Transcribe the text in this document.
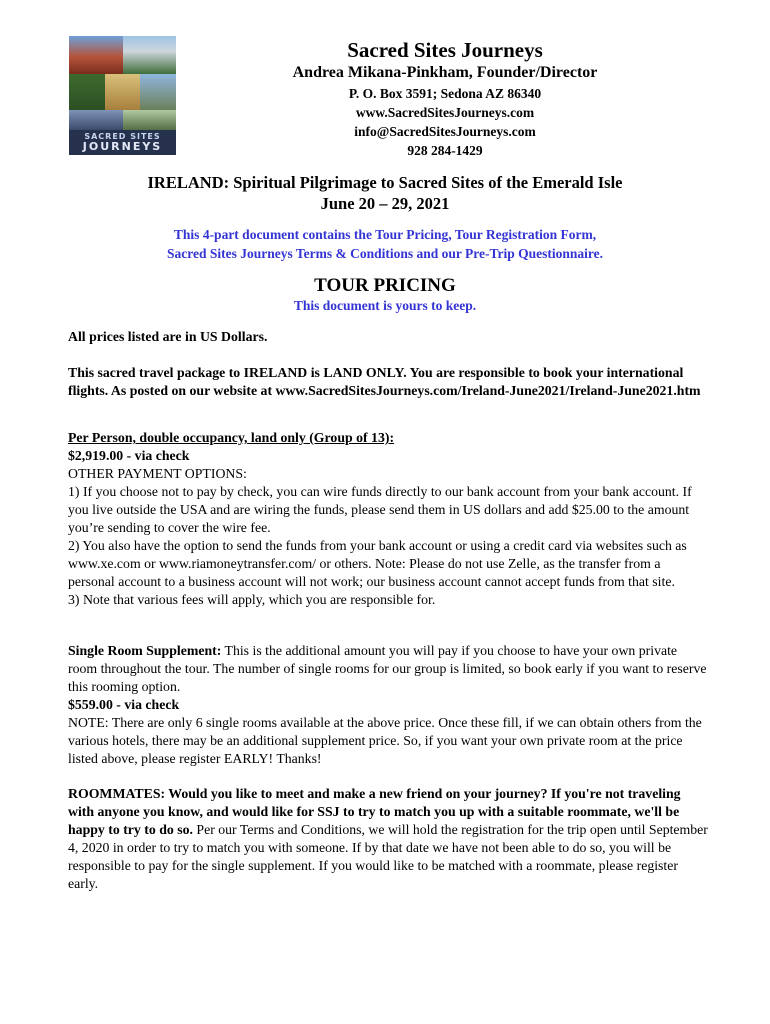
SACRED SITES
JOURNEYS
Sacred Sites Journeys
Andrea Mikana-Pinkham, Founder/Director
P. O. Box 3591; Sedona AZ 86340
www.SacredSitesJourneys.com
info@SacredSitesJourneys.com
928 284-1429
IRELAND: Spiritual Pilgrimage to Sacred Sites of the Emerald Isle
June 20 – 29, 2021
This 4-part document contains the Tour Pricing, Tour Registration Form,
Sacred Sites Journeys Terms & Conditions and our Pre-Trip Questionnaire.
TOUR PRICING
This document is yours to keep.
All prices listed are in US Dollars.
This sacred travel package to IRELAND is LAND ONLY. You are responsible to book your international flights. As posted on our website at www.SacredSitesJourneys.com/Ireland-June2021/Ireland-June2021.htm

Per Person, double occupancy, land only (Group of 13):

$2,919.00 - via check

OTHER PAYMENT OPTIONS:

1) If you choose not to pay by check, you can wire funds directly to our bank account from your bank account. If you live outside the USA and are wiring the funds, please send them in US dollars and add $25.00 to the amount you’re sending to cover the wire fee.

2) You also have the option to send the funds from your bank account or using a credit card via websites such as www.xe.com or www.riamoneytransfer.com/ or others. Note: Please do not use Zelle, as the transfer from a personal account to a business account will not work; our business account cannot accept funds from that site.

3) Note that various fees will apply, which you are responsible for.

Single Room Supplement: This is the additional amount you will pay if you choose to have your own private room throughout the tour. The number of single rooms for our group is limited, so book early if you want to reserve this rooming option.

$559.00 - via check

NOTE: There are only 6 single rooms available at the above price. Once these fill, if we can obtain others from the various hotels, there may be an additional supplement price. So, if you want your own private room at the price listed above, please register EARLY! Thanks!

ROOMMATES: Would you like to meet and make a new friend on your journey? If you're not traveling with anyone you know, and would like for SSJ to try to match you up with a suitable roommate, we'll be happy to try to do so. Per our Terms and Conditions, we will hold the registration for the trip open until September 4, 2020 in order to try to match you with someone. If by that date we have not been able to do so, you will be responsible to pay for the single supplement. If you would like to be matched with a roommate, please register early.
